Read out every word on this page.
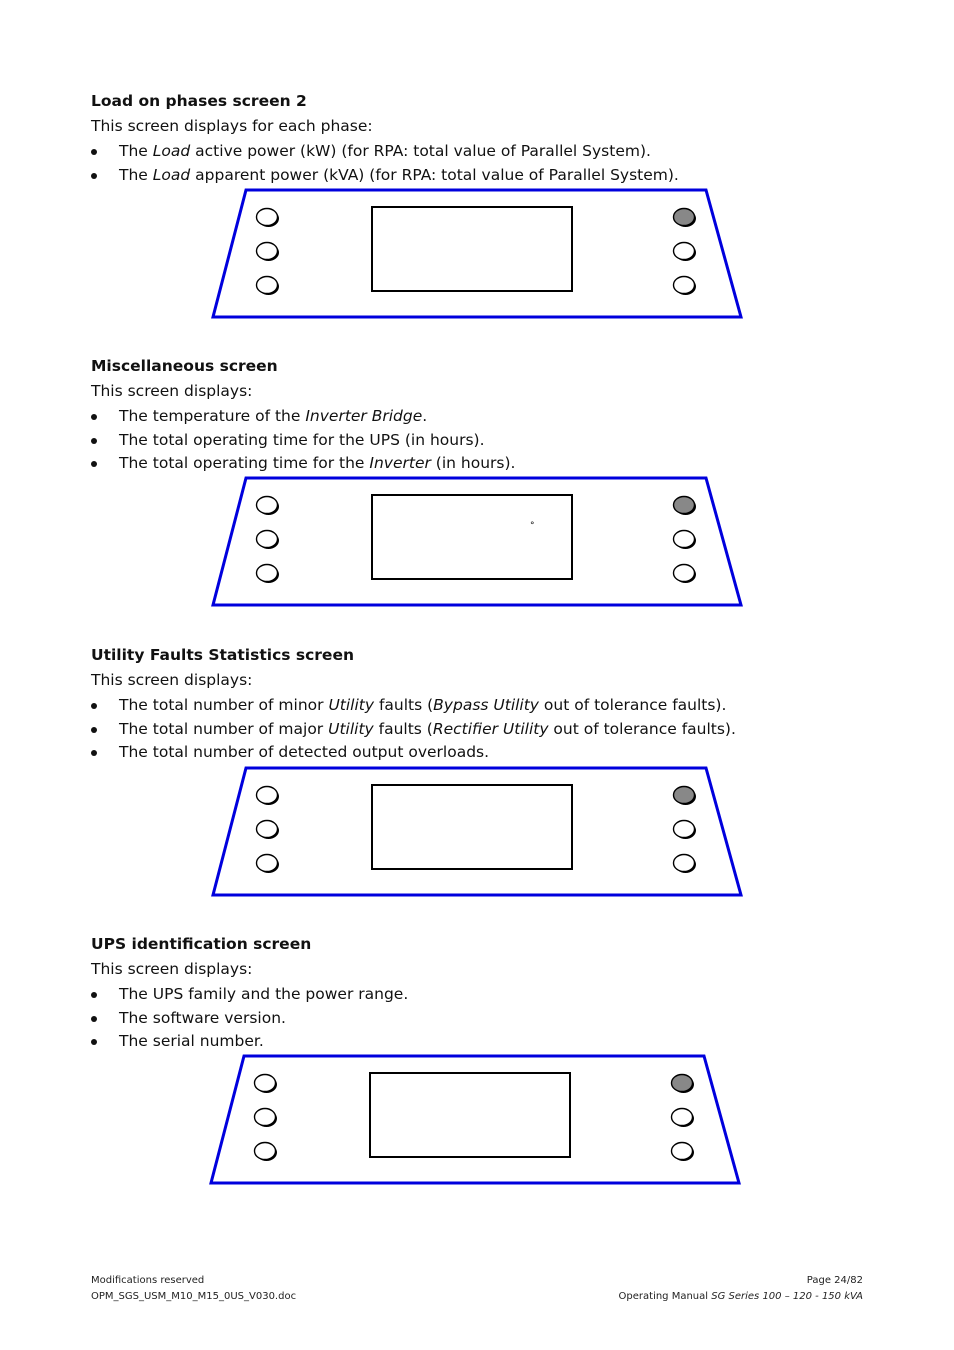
Load on phases screen 2

This screen displays for each phase:

The Load active power (kW) (for RPA: total value of Parallel System).
The Load apparent power (kVA) (for RPA: total value of Parallel System).

Miscellaneous screen

This screen displays:

The temperature of the Inverter Bridge.
The total operating time for the UPS (in hours).
The total operating time for the Inverter (in hours).
°

Utility Faults Statistics screen

This screen displays:

The total number of minor Utility faults (Bypass Utility out of tolerance faults).
The total number of major Utility faults (Rectifier Utility out of tolerance faults).
The total number of detected output overloads.

UPS identification screen

This screen displays:

The UPS family and the power range.
The software version.
The serial number.
Modifications reserved
OPM_SGS_USM_M10_M15_0US_V030.doc
Page 24/82
Operating Manual SG Series 100 – 120 - 150 kVA
